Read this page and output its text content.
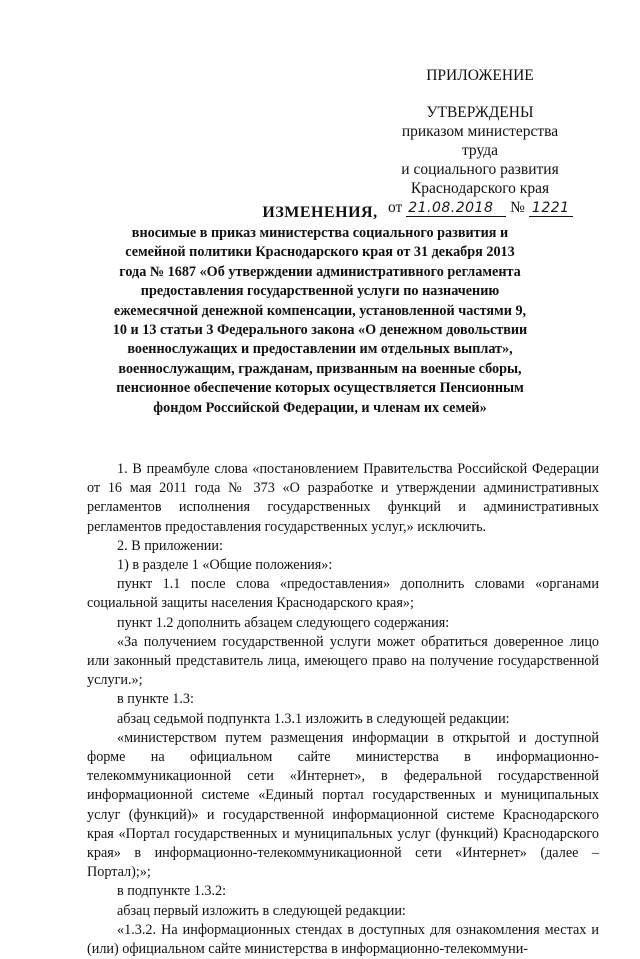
ПРИЛОЖЕНИЕ
УТВЕРЖДЕНЫ
приказом министерства труда
и социального развития
Краснодарского края
от 21.08.2018 № 1221
ИЗМЕНЕНИЯ,
вносимые в приказ министерства социального развития и семейной политики Краснодарского края от 31 декабря 2013 года № 1687 «Об утверждении административного регламента предоставления государственной услуги по назначению ежемесячной денежной компенсации, установленной частями 9, 10 и 13 статьи 3 Федерального закона «О денежном довольствии военнослужащих и предоставлении им отдельных выплат», военнослужащим, гражданам, призванным на военные сборы, пенсионное обеспечение которых осуществляется Пенсионным фондом Российской Федерации, и членам их семей»

1. В преамбуле слова «постановлением Правительства Российской Федерации от 16 мая 2011 года № 373 «О разработке и утверждении административных регламентов исполнения государственных функций и административных регламентов предоставления государственных услуг,» исключить.

2. В приложении:

1) в разделе 1 «Общие положения»:

пункт 1.1 после слова «предоставления» дополнить словами «органами социальной защиты населения Краснодарского края»;

пункт 1.2 дополнить абзацем следующего содержания:

«За получением государственной услуги может обратиться доверенное лицо или законный представитель лица, имеющего право на получение государственной услуги.»;

в пункте 1.3:

абзац седьмой подпункта 1.3.1 изложить в следующей редакции:

«министерством путем размещения информации в открытой и доступной форме на официальном сайте министерства в информационно-телекоммуникационной сети «Интернет», в федеральной государственной информационной системе «Единый портал государственных и муниципальных услуг (функций)» и государственной информационной системе Краснодарского края «Портал государственных и муниципальных услуг (функций) Краснодарского края» в информационно-телекоммуникационной сети «Интернет» (далее – Портал);»;

в подпункте 1.3.2:

абзац первый изложить в следующей редакции:

«1.3.2. На информационных стендах в доступных для ознакомления местах и (или) официальном сайте министерства в информационно-телекоммуни-
